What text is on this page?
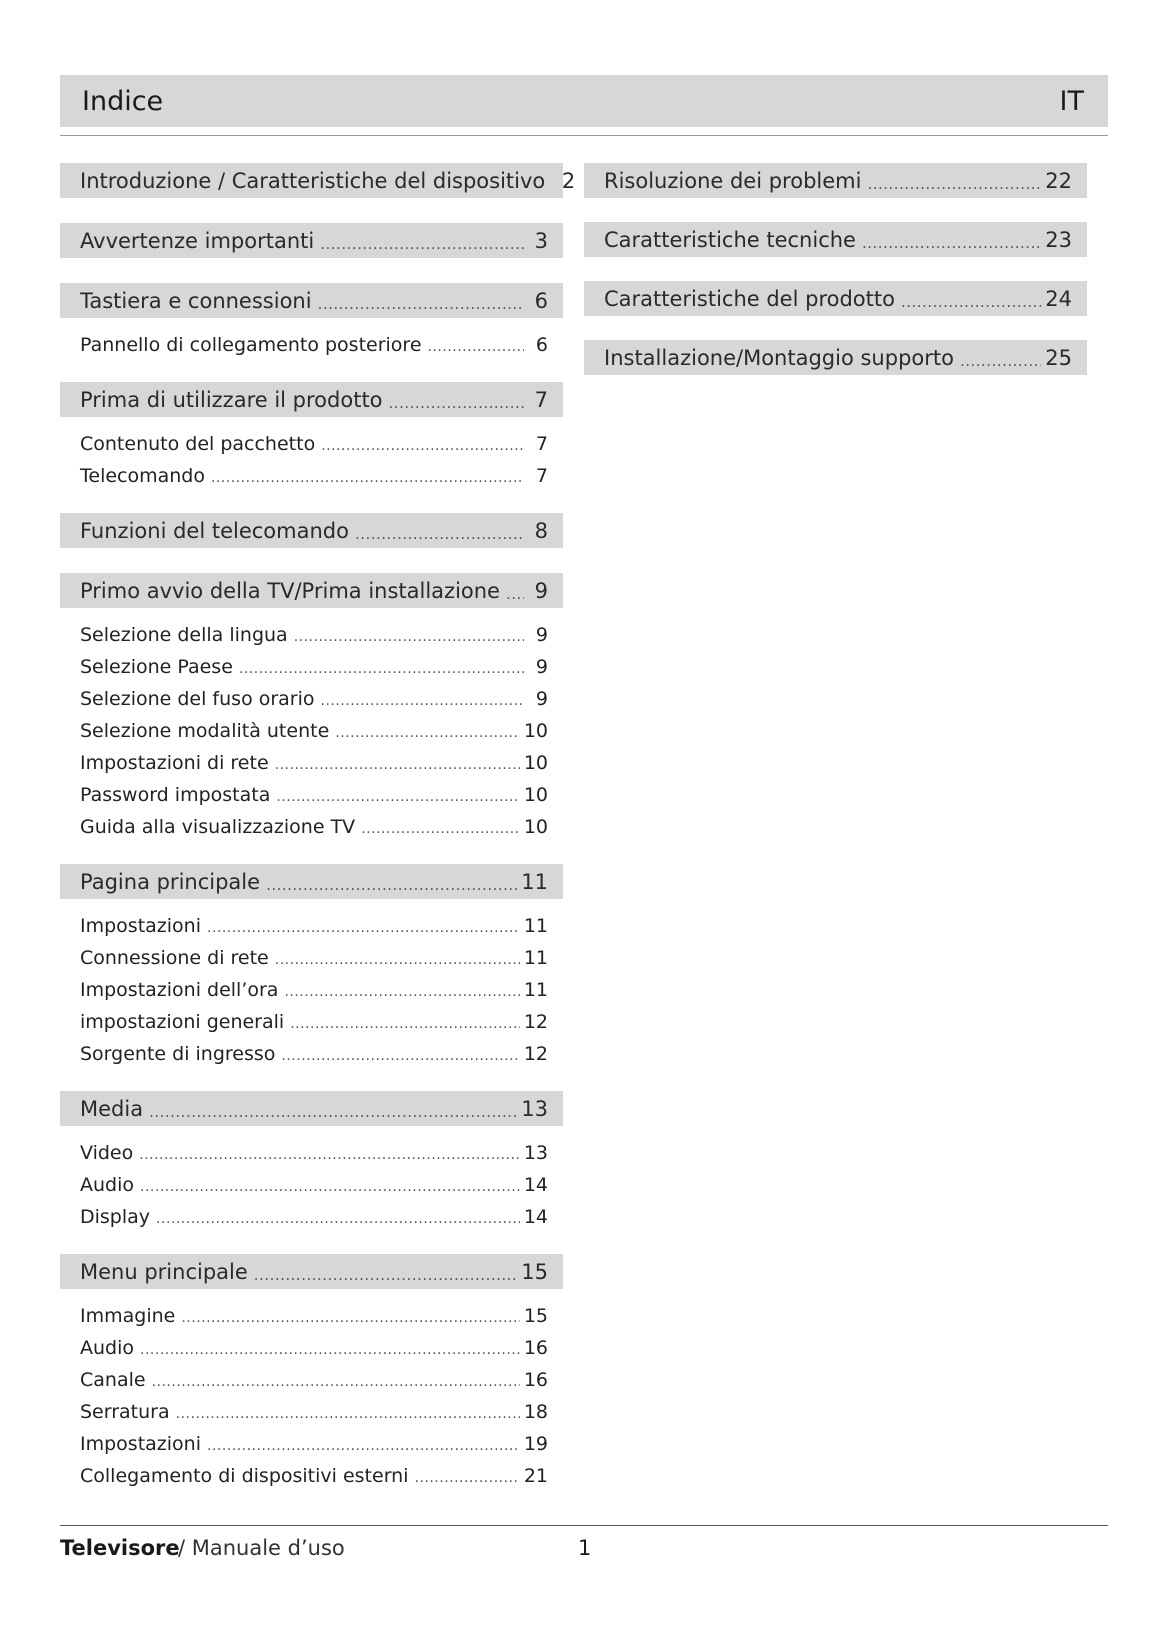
Indice	IT
Introduzione / Caratteristiche del dispositivo 2
Avvertenze importanti .....	3
Tastiera e connessioni .....	6
Pannello di collegamento posteriore .....	6
Prima di utilizzare il prodotto .....	7
Contenuto del pacchetto .....	7
Telecomando .....	7
Funzioni del telecomando .....	8
Primo avvio della TV/Prima installazione .....	9
Selezione della lingua .....	9
Selezione Paese .....	9
Selezione del fuso orario .....	9
Selezione modalità utente .....	10
Impostazioni di rete .....	10
Password impostata .....	10
Guida alla visualizzazione TV .....	10
Pagina principale .....	11
Impostazioni .....	11
Connessione di rete .....	11
Impostazioni dell’ora .....	11
impostazioni generali .....	12
Sorgente di ingresso .....	12
Media .....	13
Video .....	13
Audio .....	14
Display .....	14
Menu principale .....	15
Immagine .....	15
Audio .....	16
Canale .....	16
Serratura .....	18
Impostazioni .....	19
Collegamento di dispositivi esterni .....	21
Risoluzione dei problemi .....	22
Caratteristiche tecniche .....	23
Caratteristiche del prodotto .....	24
Installazione/Montaggio supporto .....	25
Televisore
/ Manuale d’uso	1
